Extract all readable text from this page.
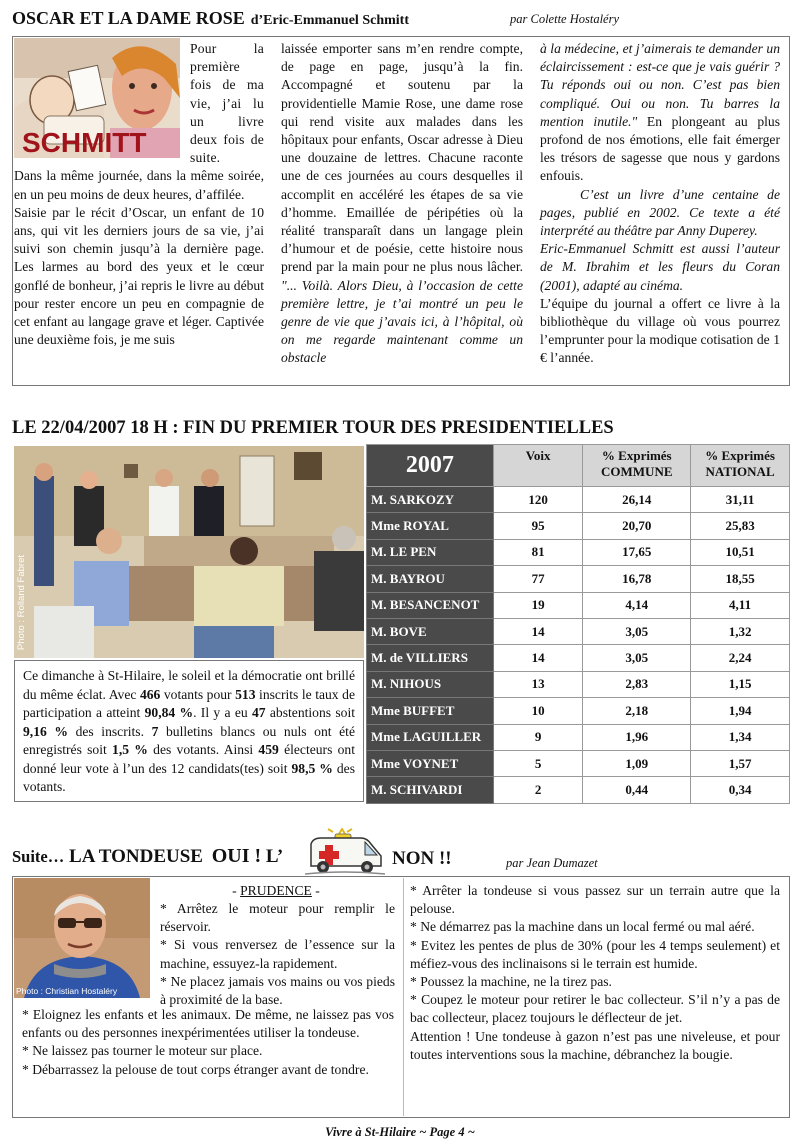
OSCAR ET LA DAME ROSE d’Eric-Emmanuel Schmitt	par Colette Hostaléry
SCHMITT

Pour la première fois de ma vie, j’ai lu un livre deux fois de suite.

Dans la même journée, dans la même soirée, en un peu moins de deux heures, d’affilée.

Saisie par le récit d’Oscar, un enfant de 10 ans, qui vit les derniers jours de sa vie, j’ai suivi son chemin jusqu’à la dernière page. Les larmes au bord des yeux et le cœur gonflé de bonheur, j’ai repris le livre au début pour rester encore un peu en compagnie de cet enfant au langage grave et léger. Captivée une deuxième fois, je me suis

laissée emporter sans m’en rendre compte, de page en page, jusqu’à la fin. Accompagné et soutenu par la providentielle Mamie Rose, une dame rose qui rend visite aux malades dans les hôpitaux pour enfants, Oscar adresse à Dieu une douzaine de lettres. Chacune raconte une de ces journées au cours desquelles il accomplit en accéléré les étapes de sa vie d’homme. Emaillée de péripéties où la réalité transparaît dans un langage plein d’humour et de poésie, cette histoire nous prend par la main pour ne plus nous lâcher. "... Voilà. Alors Dieu, à l’occasion de cette première lettre, je t’ai montré un peu le genre de vie que j’avais ici, à l’hôpital, où on me regarde maintenant comme un obstacle

à la médecine, et j’aimerais te demander un éclaircissement : est-ce que je vais guérir ? Tu réponds oui ou non. C’est pas bien compliqué. Oui ou non. Tu barres la mention inutile." En plongeant au plus profond de nos émotions, elle fait émerger les trésors de sagesse que nous y gardons enfouis.

C’est un livre d’une centaine de pages, publié en 2002. Ce texte a été interprété au théâtre par Anny Duperey.

Eric-Emmanuel Schmitt est aussi l’auteur de M. Ibrahim et les fleurs du Coran (2001), adapté au cinéma.

L’équipe du journal a offert ce livre à la bibliothèque du village où vous pourrez l’emprunter pour la modique cotisation de 1 € l’année.

LE 22/04/2007 18 H : FIN DU PREMIER TOUR DES PRESIDENTIELLES
Photo : Rolland Fabret
Ce dimanche à St-Hilaire, le soleil et la démocratie ont brillé du même éclat. Avec 466 votants pour 513 inscrits le taux de participation a atteint 90,84 %. Il y a eu 47 abstentions soit 9,16 % des inscrits. 7 bulletins blancs ou nuls ont été enregistrés soit 1,5 % des votants. Ainsi 459 électeurs ont donné leur vote à l’un des 12 candidats(tes) soit 98,5 % des votants.
2007	Voix	% Exprimés COMMUNE	% Exprimés NATIONAL
M. SARKOZY	120	26,14	31,11
Mme ROYAL	95	20,70	25,83
M. LE PEN	81	17,65	10,51
M. BAYROU	77	16,78	18,55
M. BESANCENOT	19	4,14	4,11
M. BOVE	14	3,05	1,32
M. de VILLIERS	14	3,05	2,24
M. NIHOUS	13	2,83	1,15
Mme BUFFET	10	2,18	1,94
Mme LAGUILLER	9	1,96	1,34
Mme VOYNET	5	1,09	1,57
M. SCHIVARDI	2	0,44	0,34
Suite… LA TONDEUSE OUI ! L’	NON !!	par Jean Dumazet
Photo : Christian Hostaléry
- PRUDENCE -
* Arrêtez le moteur pour remplir le réservoir.
* Si vous renversez de l’essence sur la machine, essuyez-la rapidement.
* Ne placez jamais vos mains ou vos pieds à proximité de la base.
* Eloignez les enfants et les animaux. De même, ne laissez pas vos enfants ou des personnes inexpérimentées utiliser la tondeuse.
* Ne laissez pas tourner le moteur sur place.
* Débarrassez la pelouse de tout corps étranger avant de tondre.
* Arrêter la tondeuse si vous passez sur un terrain autre que la pelouse.
* Ne démarrez pas la machine dans un local fermé ou mal aéré.
* Evitez les pentes de plus de 30% (pour les 4 temps seulement) et méfiez-vous des inclinaisons si le terrain est humide.
* Poussez la machine, ne la tirez pas.
* Coupez le moteur pour retirer le bac collecteur. S’il n’y a pas de bac collecteur, placez toujours le déflecteur de jet.
Attention ! Une tondeuse à gazon n’est pas une niveleuse, et pour toutes interventions sous la machine, débranchez la bougie.
Vivre à St-Hilaire ~ Page 4 ~
